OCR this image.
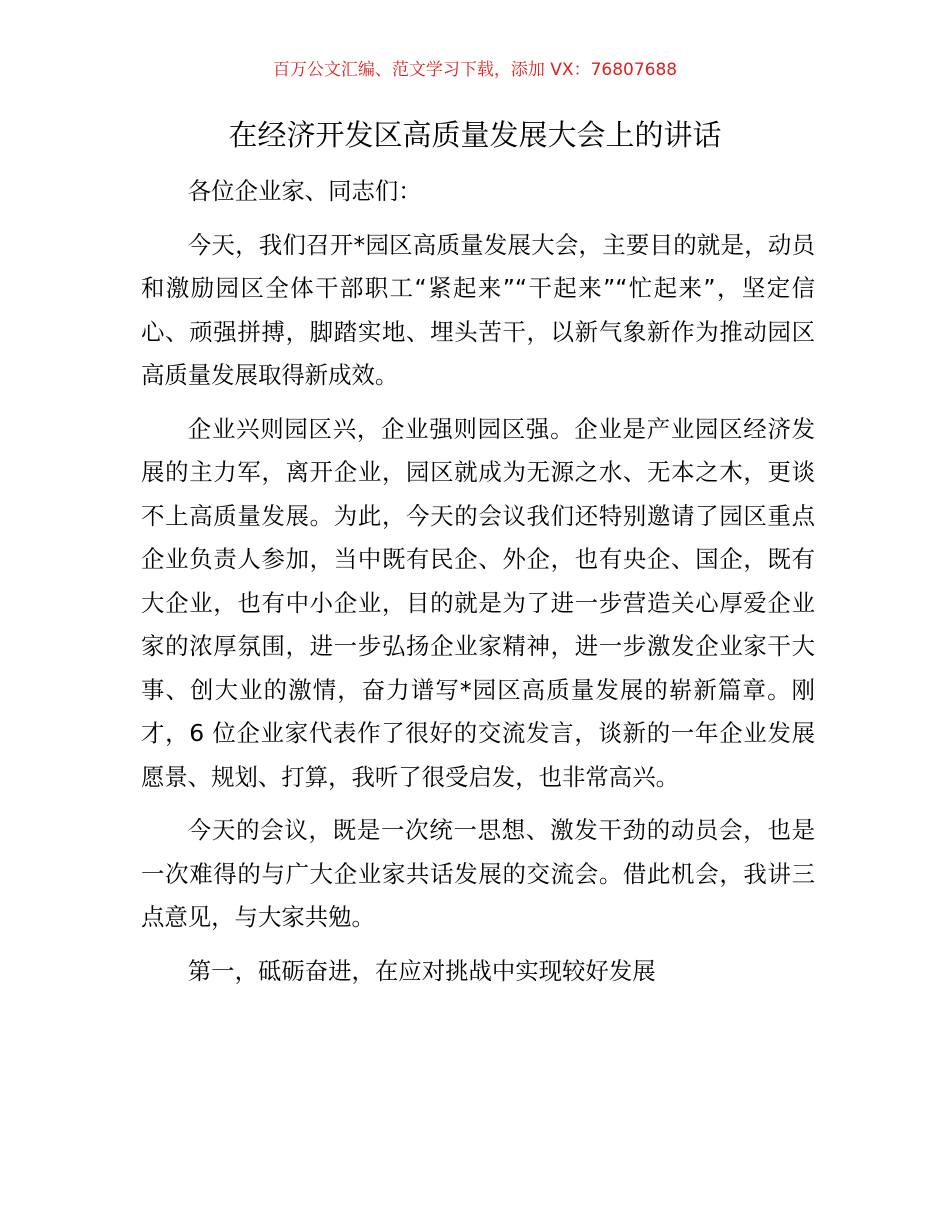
百万公文汇编、范文学习下载，添加 VX：76807688
在经济开发区高质量发展大会上的讲话

各位企业家、同志们：

今天，我们召开*园区高质量发展大会，主要目的就是，动员和激励园区全体干部职工“紧起来”“干起来”“忙起来”，坚定信心、顽强拼搏，脚踏实地、埋头苦干，以新气象新作为推动园区高质量发展取得新成效。

企业兴则园区兴，企业强则园区强。企业是产业园区经济发展的主力军，离开企业，园区就成为无源之水、无本之木，更谈不上高质量发展。为此，今天的会议我们还特别邀请了园区重点企业负责人参加，当中既有民企、外企，也有央企、国企，既有大企业，也有中小企业，目的就是为了进一步营造关心厚爱企业家的浓厚氛围，进一步弘扬企业家精神，进一步激发企业家干大事、创大业的激情，奋力谱写*园区高质量发展的崭新篇章。刚才，6 位企业家代表作了很好的交流发言，谈新的一年企业发展愿景、规划、打算，我听了很受启发，也非常高兴。

今天的会议，既是一次统一思想、激发干劲的动员会，也是一次难得的与广大企业家共话发展的交流会。借此机会，我讲三点意见，与大家共勉。

第一，砥砺奋进，在应对挑战中实现较好发展
